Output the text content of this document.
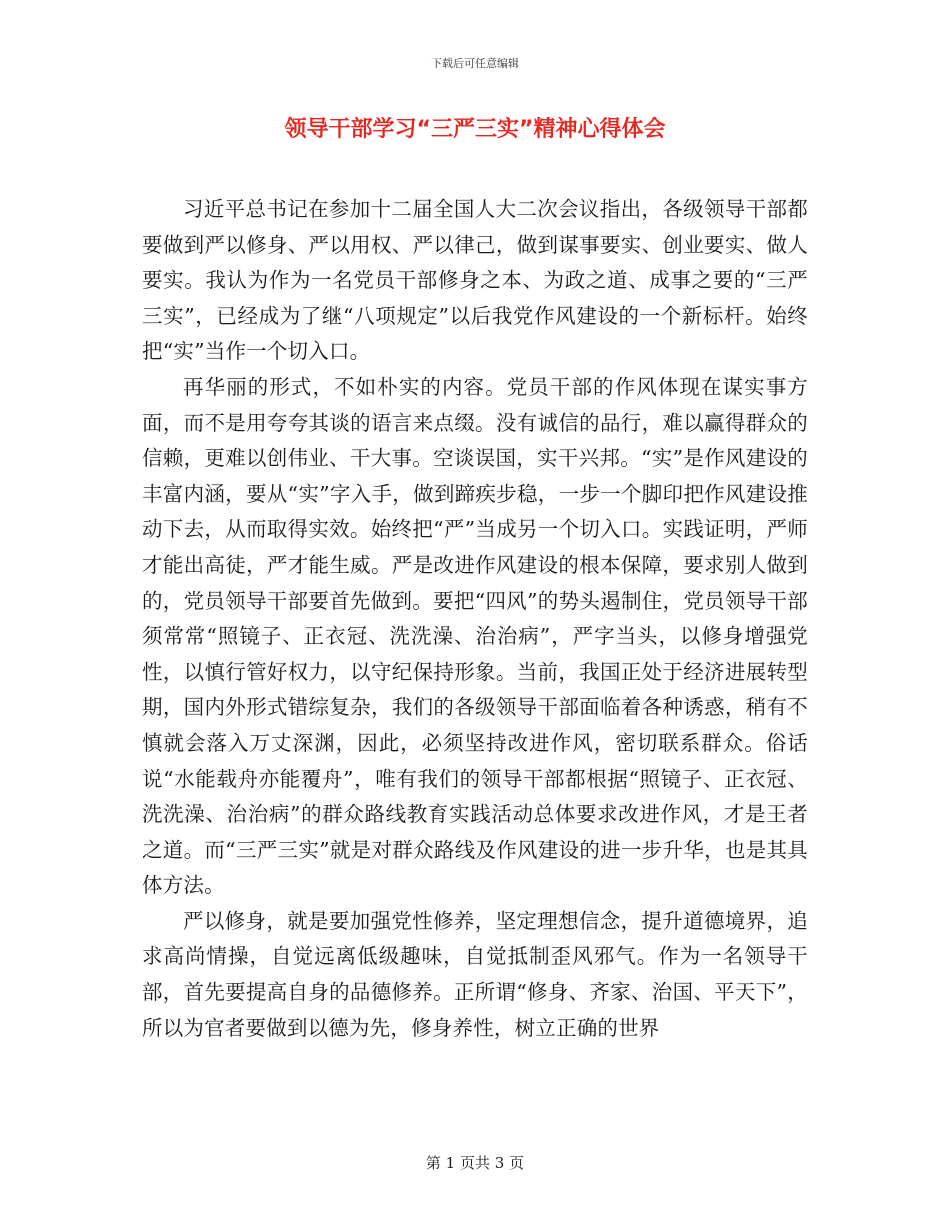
下载后可任意编辑
领导干部学习“三严三实”精神心得体会

习近平总书记在参加十二届全国人大二次会议指出，各级领导干部都要做到严以修身、严以用权、严以律己，做到谋事要实、创业要实、做人要实。我认为作为一名党员干部修身之本、为政之道、成事之要的“三严三实”，已经成为了继“八项规定”以后我党作风建设的一个新标杆。始终把“实”当作一个切入口。

再华丽的形式，不如朴实的内容。党员干部的作风体现在谋实事方面，而不是用夸夸其谈的语言来点缀。没有诚信的品行，难以赢得群众的信赖，更难以创伟业、干大事。空谈误国，实干兴邦。“实”是作风建设的丰富内涵，要从“实”字入手，做到蹄疾步稳，一步一个脚印把作风建设推动下去，从而取得实效。始终把“严”当成另一个切入口。实践证明，严师才能出高徒，严才能生威。严是改进作风建设的根本保障，要求别人做到的，党员领导干部要首先做到。要把“四风”的势头遏制住，党员领导干部须常常“照镜子、正衣冠、洗洗澡、治治病”，严字当头，以修身增强党性，以慎行管好权力，以守纪保持形象。当前，我国正处于经济进展转型期，国内外形式错综复杂，我们的各级领导干部面临着各种诱惑，稍有不慎就会落入万丈深渊，因此，必须坚持改进作风，密切联系群众。俗话说“水能载舟亦能覆舟”，唯有我们的领导干部都根据“照镜子、正衣冠、洗洗澡、治治病”的群众路线教育实践活动总体要求改进作风，才是王者之道。而“三严三实”就是对群众路线及作风建设的进一步升华，也是其具体方法。

严以修身，就是要加强党性修养，坚定理想信念，提升道德境界，追求高尚情操，自觉远离低级趣味，自觉抵制歪风邪气。作为一名领导干部，首先要提高自身的品德修养。正所谓“修身、齐家、治国、平天下”，所以为官者要做到以德为先，修身养性，树立正确的世界

第 1 页共 3 页
